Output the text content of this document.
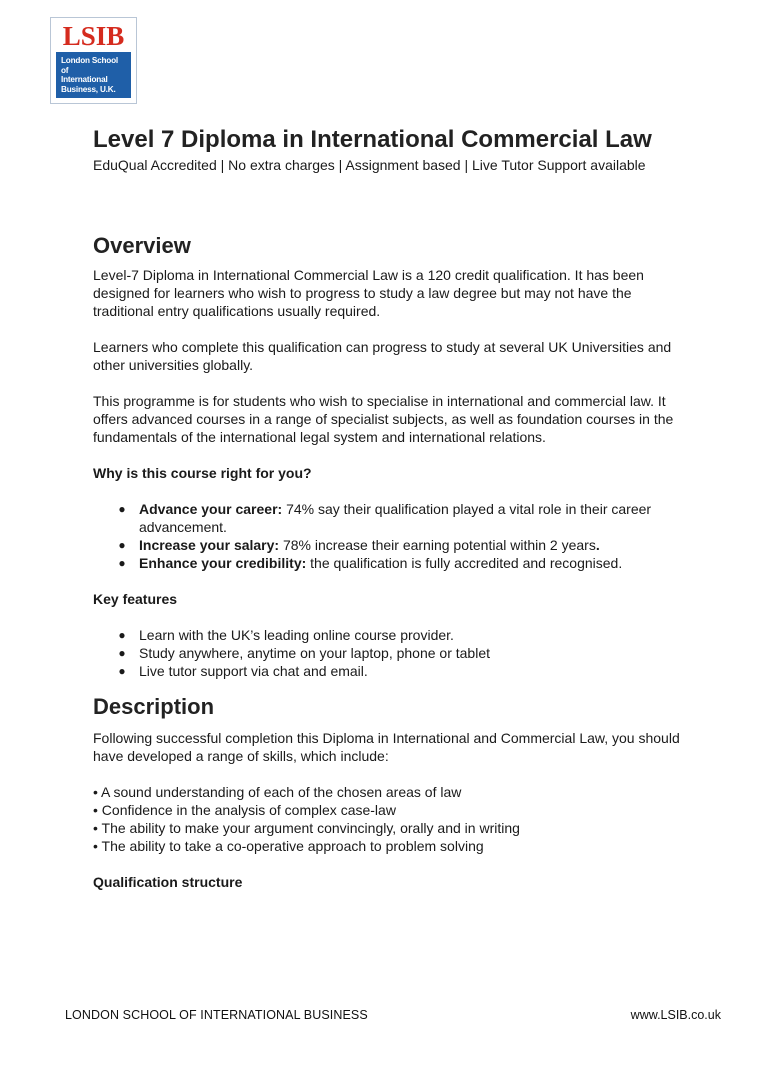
LSIB
London School of
International
Business, U.K.
Level 7 Diploma in International Commercial Law
EduQual Accredited | No extra charges | Assignment based | Live Tutor Support available
Overview

Level-7 Diploma in International Commercial Law is a 120 credit qualification. It has been designed for learners who wish to progress to study a law degree but may not have the traditional entry qualifications usually required.

Learners who complete this qualification can progress to study at several UK Universities and other universities globally.

This programme is for students who wish to specialise in international and commercial law. It offers advanced courses in a range of specialist subjects, as well as foundation courses in the fundamentals of the international legal system and international relations.

Why is this course right for you?
● Advance your career: 74% say their qualification played a vital role in their career advancement.
● Increase your salary: 78% increase their earning potential within 2 years.
● Enhance your credibility: the qualification is fully accredited and recognised.
Key features
● Learn with the UK’s leading online course provider.
● Study anywhere, anytime on your laptop, phone or tablet
● Live tutor support via chat and email.
Description

Following successful completion this Diploma in International and Commercial Law, you should have developed a range of skills, which include:

• A sound understanding of each of the chosen areas of law
• Confidence in the analysis of complex case-law
• The ability to make your argument convincingly, orally and in writing
• The ability to take a co-operative approach to problem solving
Qualification structure
LONDON SCHOOL OF INTERNATIONAL BUSINESS	www.LSIB.co.uk
